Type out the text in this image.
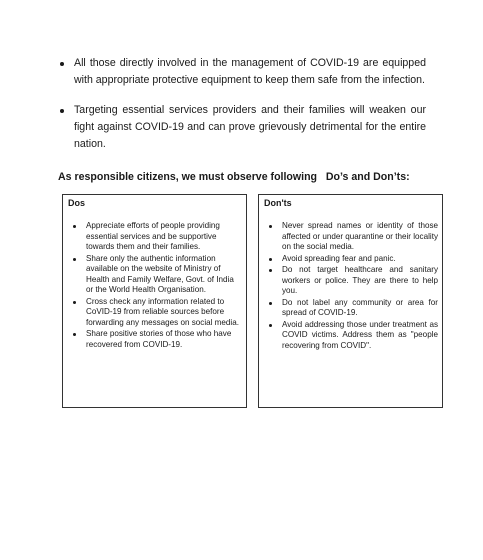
All those directly involved in the management of COVID-19 are equipped with appropriate protective equipment to keep them safe from the infection.
Targeting essential services providers and their families will weaken our fight against COVID-19 and can prove grievously detrimental for the entire nation.
As responsible citizens, we must observe following   Do’s and Don’ts:
Dos
Appreciate efforts of people providing essential services and be supportive towards them and their families.
Share only the authentic information available on the website of Ministry of Health and Family Welfare, Govt. of India or the World Health Organisation.
Cross check any information related to CoVID-19 from reliable sources before forwarding any messages on social media.
Share positive stories of those who have recovered from COVID-19.
Don'ts
Never spread names or identity of those affected or under quarantine or their locality on the social media.
Avoid spreading fear and panic.
Do not target healthcare and sanitary workers or police. They are there to help you.
Do not label any community or area for spread of COVID-19.
Avoid addressing those under treatment as COVID victims. Address them as "people recovering from COVID".
